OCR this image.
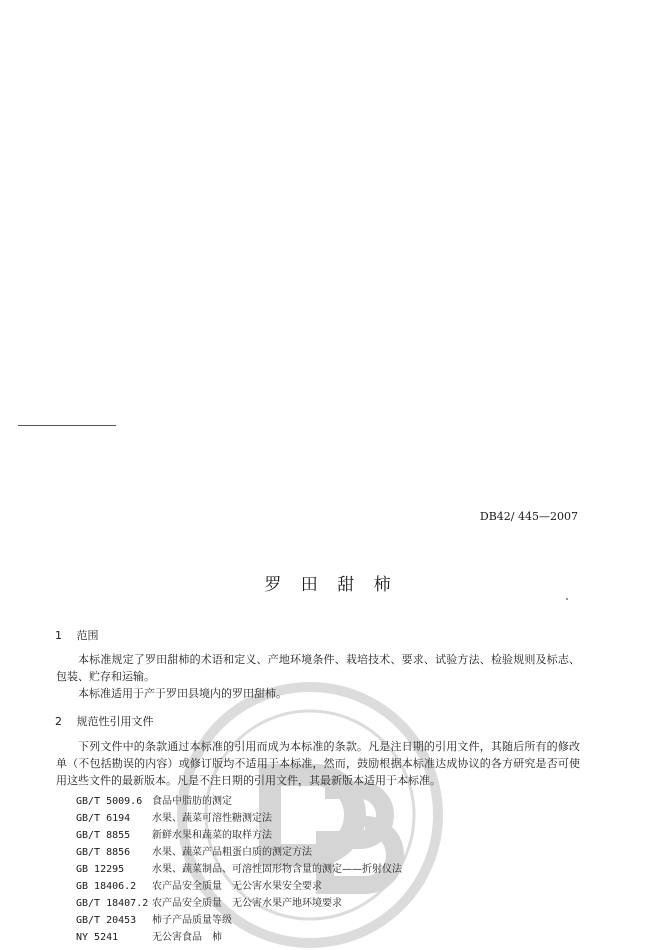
DB42/ 445—2007
罗 田 甜 柿
1 范围
本标准规定了罗田甜柿的术语和定义、产地环境条件、栽培技术、要求、试验方法、检验规则及标志、包装、贮存和运输。
本标准适用于产于罗田县境内的罗田甜柿。
2 规范性引用文件
下列文件中的条款通过本标准的引用而成为本标准的条款。凡是注日期的引用文件，其随后所有的修改单（不包括勘误的内容）或修订版均不适用于本标准，然而，鼓励根据本标准达成协议的各方研究是否可使用这些文件的最新版本。凡是不注日期的引用文件，其最新版本适用于本标准。
GB/T 5009.6 食品中脂肪的测定
GB/T 6194 水果、蔬菜可溶性糖测定法
GB/T 8855 新鲜水果和蔬菜的取样方法
GB/T 8856 水果、蔬菜产品粗蛋白质的测定方法
GB 12295	水果、蔬菜制品、可溶性固形物含量的测定——折射仪法
GB 18406.2 农产品安全质量　无公害水果安全要求
GB/T 18407.2 农产品安全质量　无公害水果产地环境要求
GB/T 20453 柿子产品质量等级
NY 5241	无公害食品　柿
